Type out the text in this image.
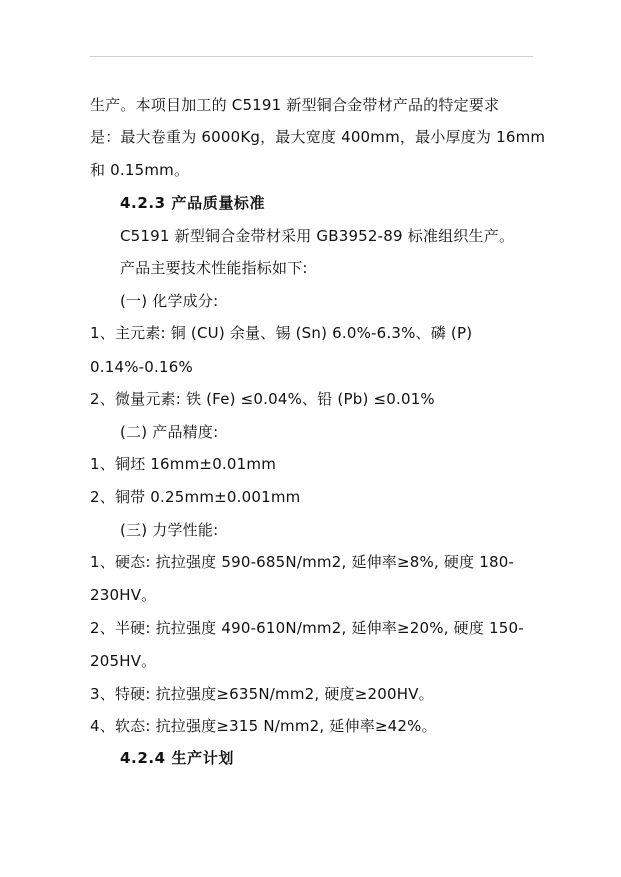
生产。本项目加工的 C5191 新型铜合金带材产品的特定要求
是：最大卷重为 6000Kg，最大宽度 400mm，最小厚度为 16mm
和 0.15mm。
4.2.3 产品质量标准
C5191 新型铜合金带材采用 GB3952-89 标准组织生产。
产品主要技术性能指标如下:
(一) 化学成分:
1、主元素: 铜 (CU) 余量、锡 (Sn) 6.0%-6.3%、磷 (P)
0.14%-0.16%
2、微量元素: 铁 (Fe) ≤0.04%、铅 (Pb) ≤0.01%
(二) 产品精度:
1、铜坯 16mm±0.01mm
2、铜带 0.25mm±0.001mm
(三) 力学性能:
1、硬态: 抗拉强度 590-685N/mm2, 延伸率≥8%, 硬度 180-
230HV。
2、半硬: 抗拉强度 490-610N/mm2, 延伸率≥20%, 硬度 150-
205HV。
3、特硬: 抗拉强度≥635N/mm2, 硬度≥200HV。
4、软态: 抗拉强度≥315 N/mm2, 延伸率≥42%。
4.2.4 生产计划
